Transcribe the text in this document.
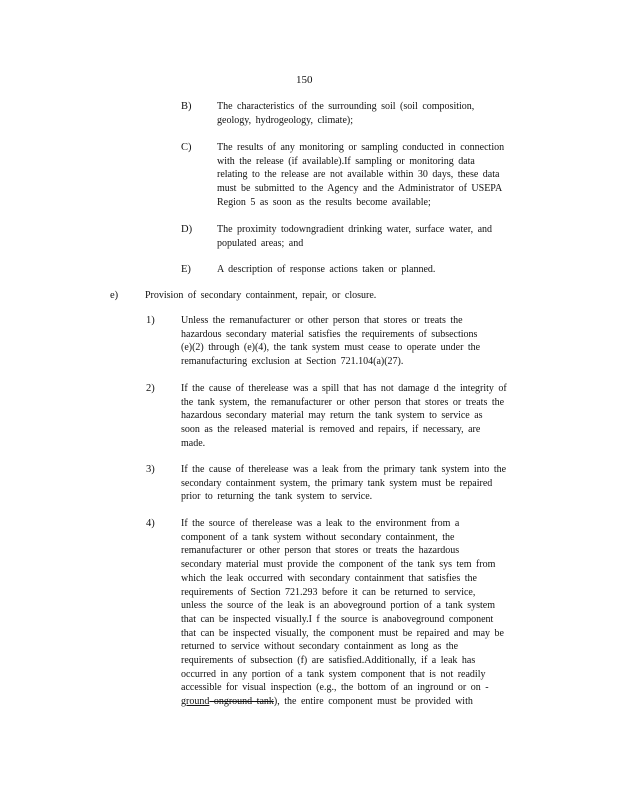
150
B)	The characteristics of the surrounding soil (soil composition,
geology, hydrogeology, climate);
C)	The results of any monitoring or sampling conducted in connection
with the release (if available).If sampling or monitoring data
relating to the release are not available within 30 days, these data
must be submitted to the Agency and the Administrator of USEPA
Region 5 as soon as the results become available;
D) The proximity todowngradient drinking water, surface water, and
populated areas; and
E)	A description of response actions taken or planned.
e)	Provision of secondary containment, repair, or closure.
1)	Unless the remanufacturer or other person that stores or treats the
hazardous secondary material satisfies the requirements of subsections
(e)(2) through (e)(4), the tank system must cease to operate under the
remanufacturing exclusion at Section 721.104(a)(27).
2)	If the cause of therelease was a spill that has not damage d the integrity of
the tank system, the remanufacturer or other person that stores or treats the
hazardous secondary material may return the tank system to service as
soon as the released material is removed and repairs, if necessary, are
made.
3)	If the cause of therelease was a leak from the primary tank system into the
secondary containment system, the primary tank system must be repaired
prior to returning the tank system to service.
4)	If the source of therelease was a leak to the environment from a
component of a tank system without secondary containment, the
remanufacturer or other person that stores or treats the hazardous
secondary material must provide the component of the tank sys tem from
which the leak occurred with secondary containment that satisfies the
requirements of Section 721.293 before it can be returned to service,
unless the source of the leak is an aboveground portion of a tank system
that can be inspected visually.I f the source is anaboveground component
that can be inspected visually, the component must be repaired and may be
returned to service without secondary containment as long as the
requirements of subsection (f) are satisfied.Additionally, if a leak has
occurred in any portion of a tank system component that is not readily
accessible for visual inspection (e.g., the bottom of an inground or on -
ground onground tank), the entire component must be provided with
